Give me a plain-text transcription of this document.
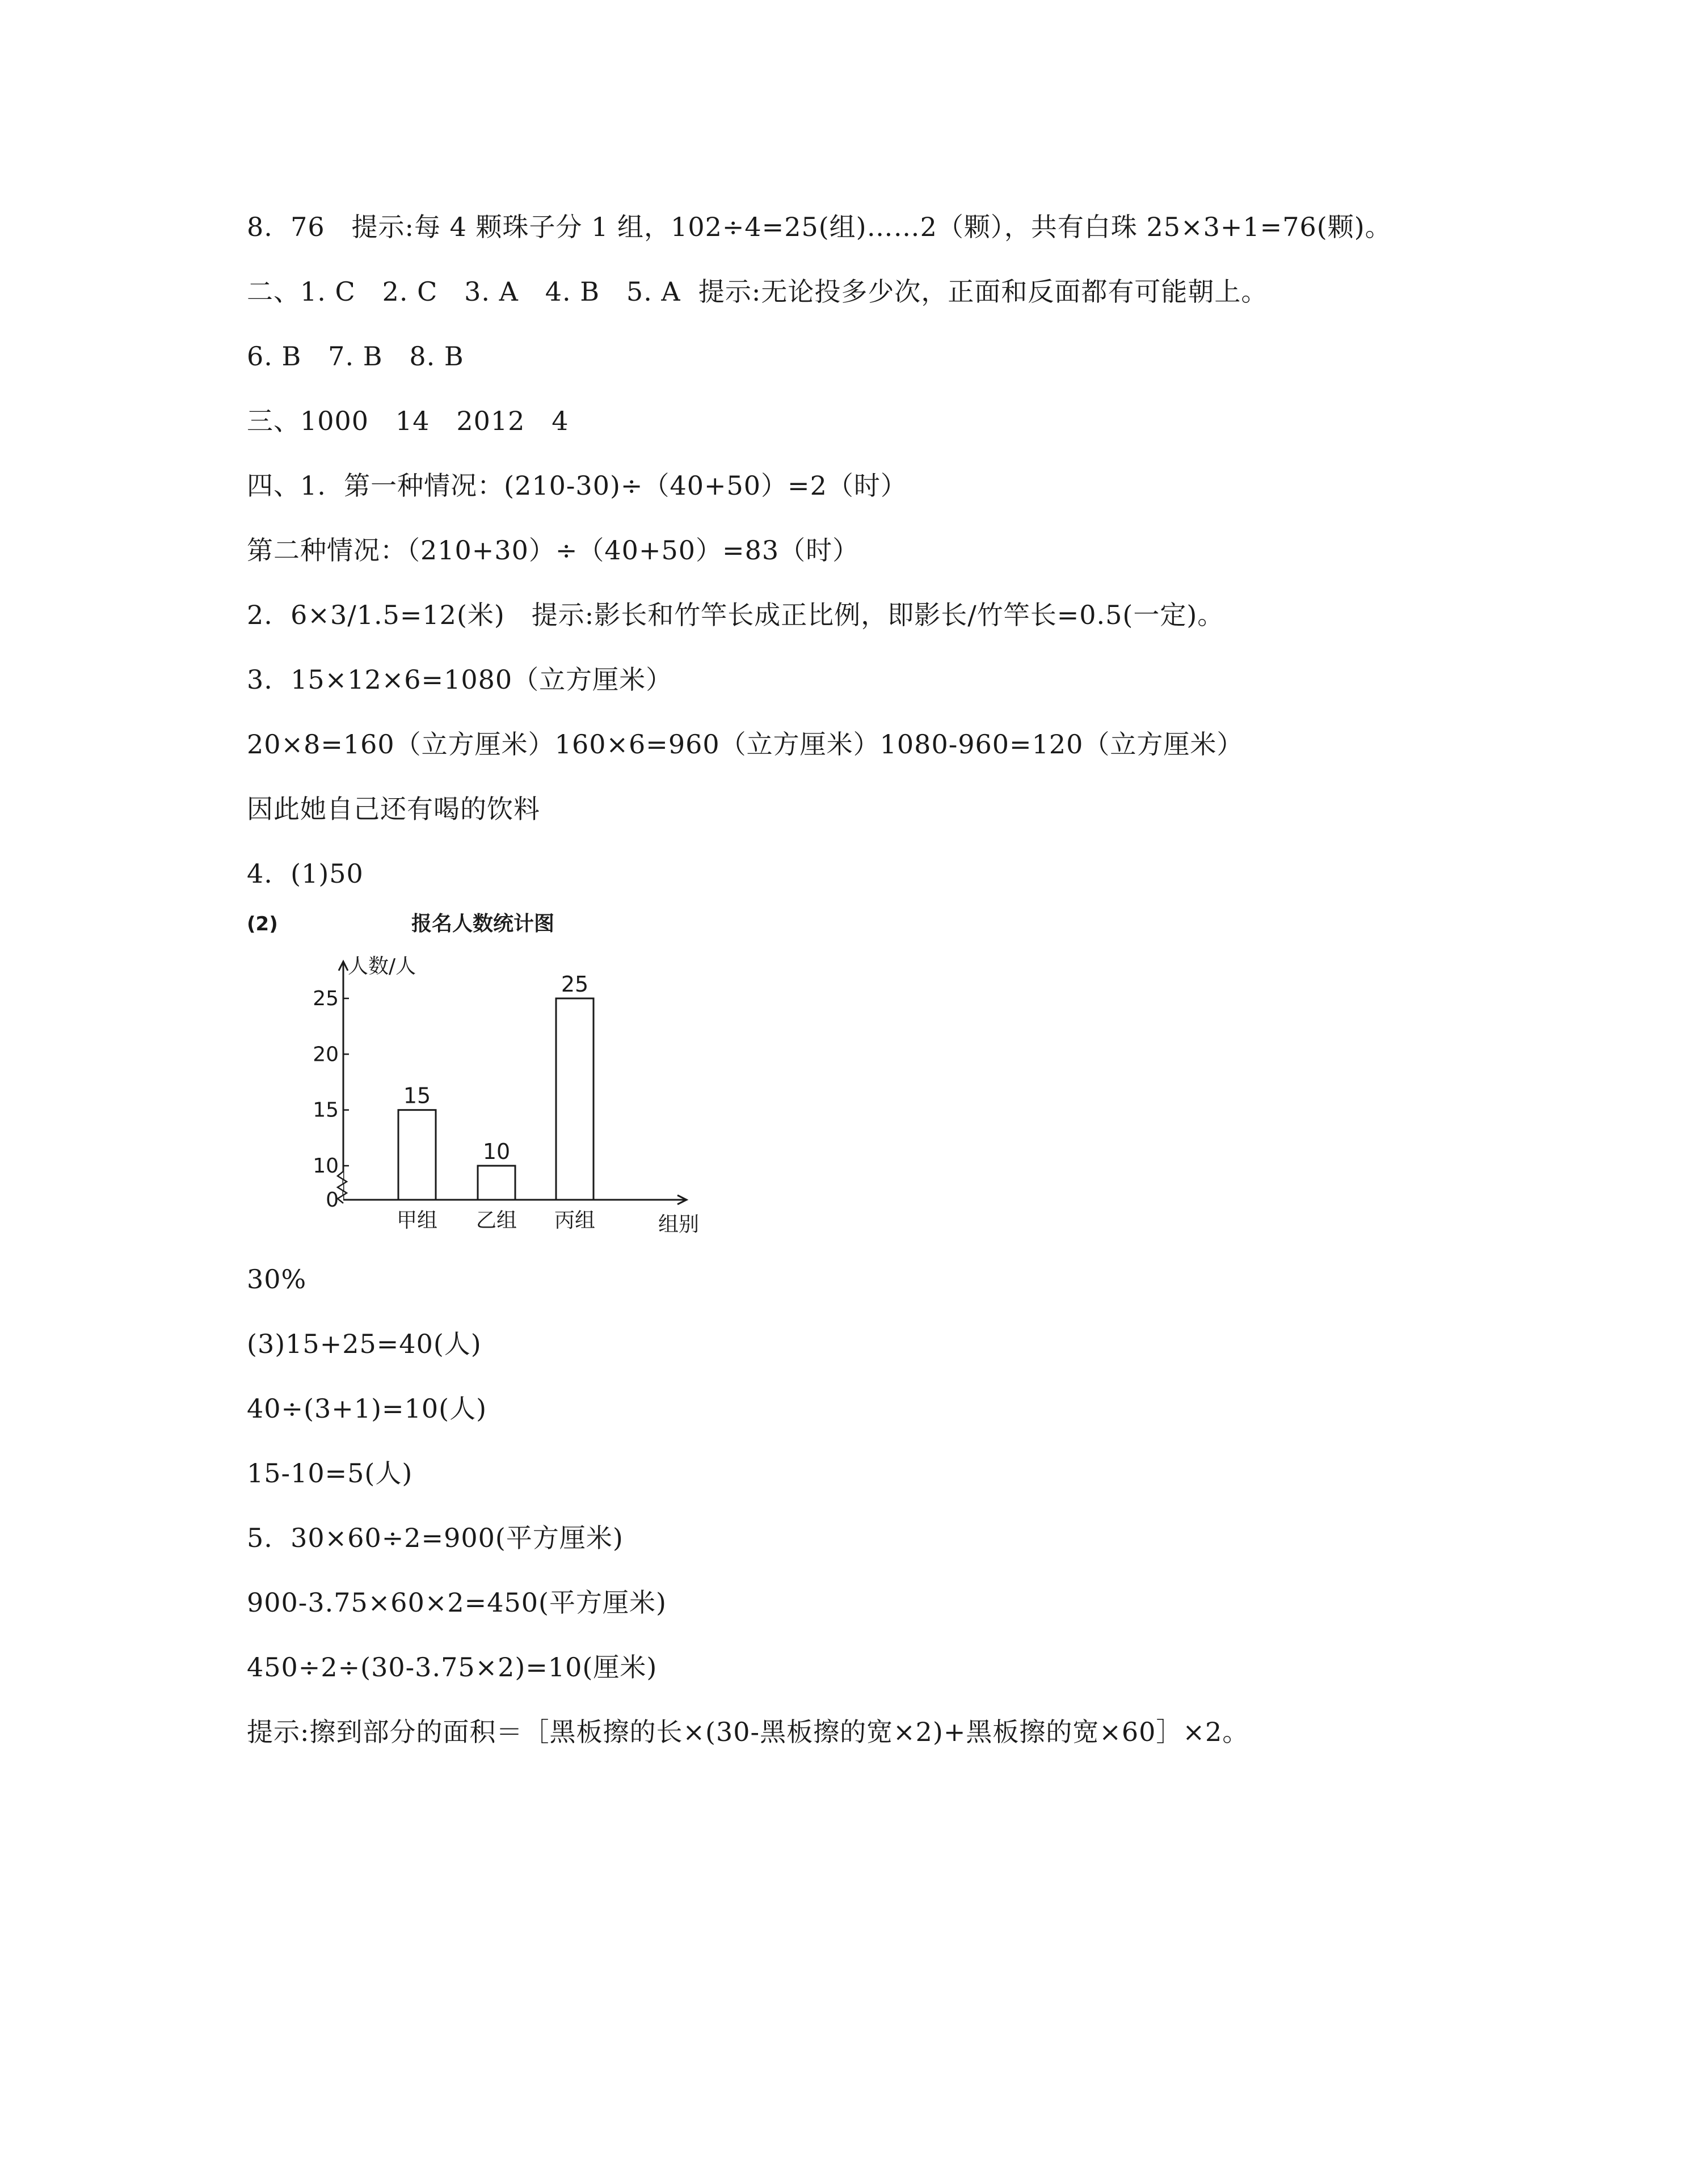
8.  76   提示:每 4 颗珠子分 1 组，102÷4=25(组)……2（颗），共有白珠 25×3+1=76(颗)。
二、1. C   2. C   3. A   4. B   5. A  提示:无论投多少次，正面和反面都有可能朝上。
6. B   7. B   8. B
三、1000   14   2012   4
四、1.  第一种情况：(210-30)÷（40+50）=2（时）
第二种情况：（210+30）÷（40+50）=83（时）
2.  6×3/1.5=12(米)   提示:影长和竹竿长成正比例，即影长/竹竿长=0.5(一定)。
3.  15×12×6=1080（立方厘米）
20×8=160（立方厘米）160×6=960（立方厘米）1080-960=120（立方厘米）
因此她自己还有喝的饮料
4.  (1)50
(2)	报名人数统计图
人数/人
组别
0
10
15
20
25
15
甲组
10
乙组
25
丙组
30%
(3)15+25=40(人)
40÷(3+1)=10(人)
15-10=5(人)
5.  30×60÷2=900(平方厘米)
900-3.75×60×2=450(平方厘米)
450÷2÷(30-3.75×2)=10(厘米)
提示:擦到部分的面积＝［黑板擦的长×(30-黑板擦的宽×2)+黑板擦的宽×60］×2。
